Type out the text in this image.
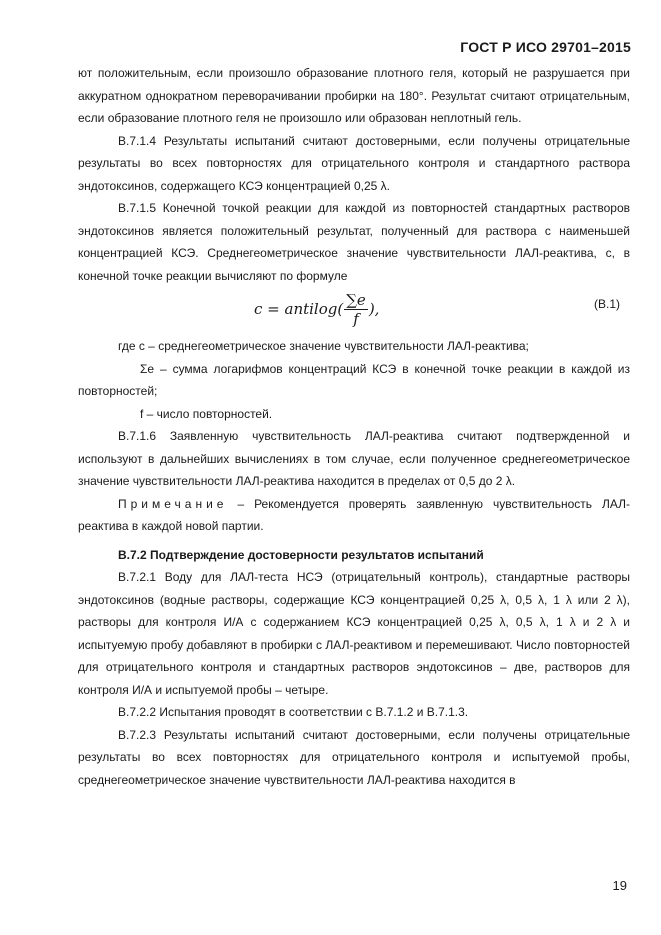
ГОСТ Р ИСО 29701–2015

ют положительным, если произошло образование плотного геля, который не разрушается при аккуратном однократном переворачивании пробирки на 180°. Результат считают отрицательным, если образование плотного геля не произошло или образован неплотный гель.

В.7.1.4 Результаты испытаний считают достоверными, если получены отрицательные результаты во всех повторностях для отрицательного контроля и стандартного раствора эндотоксинов, содержащего КСЭ концентрацией 0,25 λ.

В.7.1.5 Конечной точкой реакции для каждой из повторностей стандартных растворов эндотоксинов является положительный результат, полученный для раствора с наименьшей концентрацией КСЭ. Среднегеометрическое значение чувствительности ЛАЛ-реактива, с, в конечной точке реакции вычисляют по формуле

c = antilog( $\frac{\sum e}{f}$ ),	(В.1)

где с – среднегеометрическое значение чувствительности ЛАЛ-реактива;

Σe – сумма логарифмов концентраций КСЭ в конечной точке реакции в каждой из повторностей;

f – число повторностей.

В.7.1.6 Заявленную чувствительность ЛАЛ-реактива считают подтвержденной и используют в дальнейших вычислениях в том случае, если полученное среднегеометрическое значение чувствительности ЛАЛ-реактива находится в пределах от 0,5 до 2 λ.

Примечание – Рекомендуется проверять заявленную чувствительность ЛАЛ-реактива в каждой новой партии.

В.7.2 Подтверждение достоверности результатов испытаний

В.7.2.1 Воду для ЛАЛ-теста НСЭ (отрицательный контроль), стандартные растворы эндотоксинов (водные растворы, содержащие КСЭ концентрацией 0,25 λ, 0,5 λ, 1 λ или 2 λ), растворы для контроля И/А с содержанием КСЭ концентрацией 0,25 λ, 0,5 λ, 1 λ и 2 λ и испытуемую пробу добавляют в пробирки с ЛАЛ-реактивом и перемешивают. Число повторностей для отрицательного контроля и стандартных растворов эндотоксинов – две, растворов для контроля И/А и испытуемой пробы – четыре.

В.7.2.2 Испытания проводят в соответствии с В.7.1.2 и В.7.1.3.

В.7.2.3 Результаты испытаний считают достоверными, если получены отрицательные результаты во всех повторностях для отрицательного контроля и испытуемой пробы, среднегеометрическое значение чувствительности ЛАЛ-реактива находится в

19
